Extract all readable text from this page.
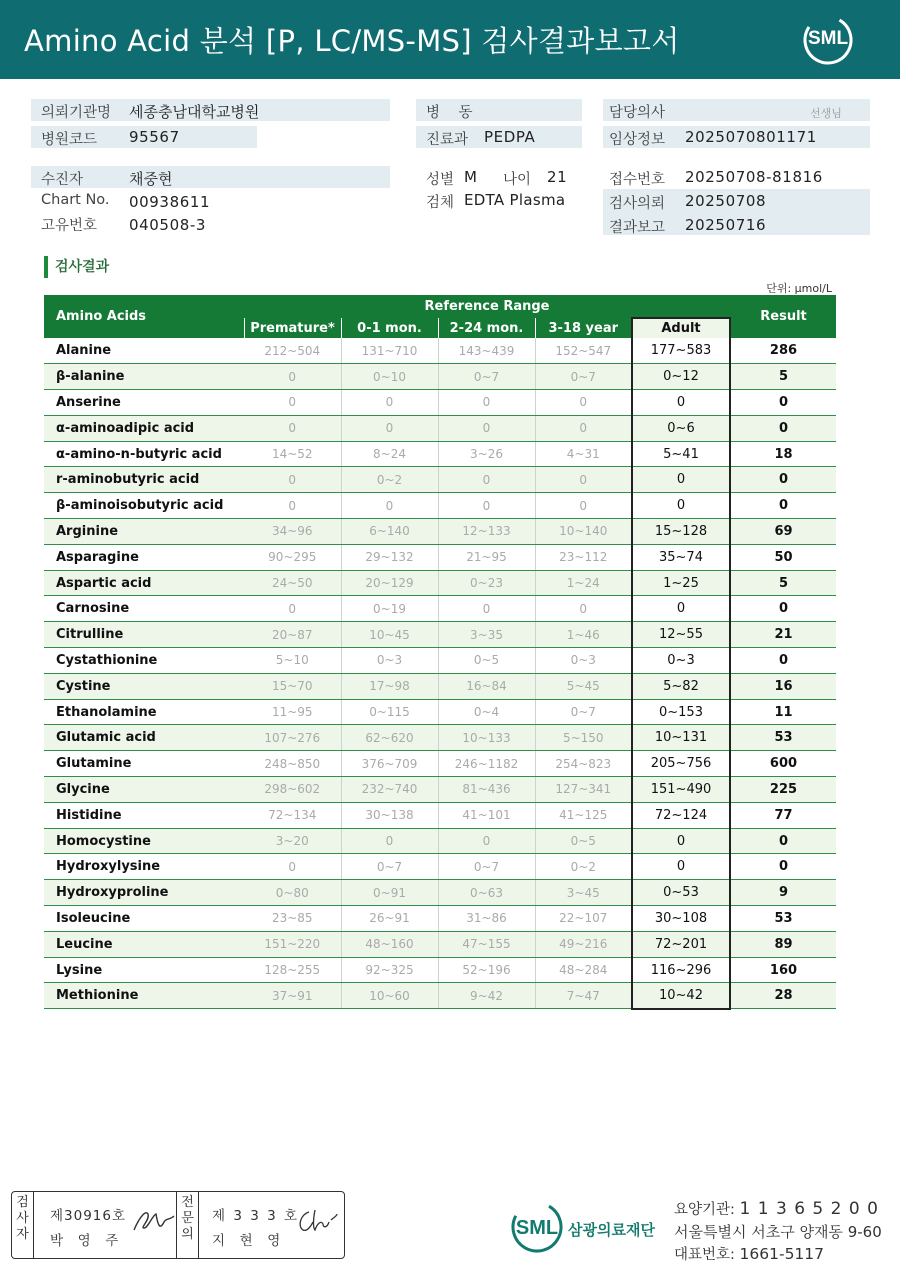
Amino Acid 분석 [P, LC/MS-MS] 검사결과보고서	SML
의뢰기관명 세종충남대학교병원
병원코드 95567
병    동
진료과 PEDPA
담당의사	선생님
임상정보 2025070801171
수진자	채중현
Chart No. 00938611
고유번호 040508-3
성별 M 나이 21
검체 EDTA Plasma
접수번호 20250708-81816
검사의뢰 20250708
결과보고 20250716
검사결과
단위: μmol/L
Amino Acids	Reference Range					Result
	Premature*	0-1 mon.	2-24 mon.	3-18 year	Adult	
Alanine	212~504	131~710	143~439	152~547	177~583	286
β-alanine	0	0~10	0~7	0~7	0~12	5
Anserine	0	0	0	0	0	0
α-aminoadipic acid	0	0	0	0	0~6	0
α-amino-n-butyric acid	14~52	8~24	3~26	4~31	5~41	18
r-aminobutyric acid	0	0~2	0	0	0	0
β-aminoisobutyric acid	0	0	0	0	0	0
Arginine	34~96	6~140	12~133	10~140	15~128	69
Asparagine	90~295	29~132	21~95	23~112	35~74	50
Aspartic acid	24~50	20~129	0~23	1~24	1~25	5
Carnosine	0	0~19	0	0	0	0
Citrulline	20~87	10~45	3~35	1~46	12~55	21
Cystathionine	5~10	0~3	0~5	0~3	0~3	0
Cystine	15~70	17~98	16~84	5~45	5~82	16
Ethanolamine	11~95	0~115	0~4	0~7	0~153	11
Glutamic acid	107~276	62~620	10~133	5~150	10~131	53
Glutamine	248~850	376~709	246~1182	254~823	205~756	600
Glycine	298~602	232~740	81~436	127~341	151~490	225
Histidine	72~134	30~138	41~101	41~125	72~124	77
Homocystine	3~20	0	0	0~5	0	0
Hydroxylysine	0	0~7	0~7	0~2	0	0
Hydroxyproline	0~80	0~91	0~63	3~45	0~53	9
Isoleucine	23~85	26~91	31~86	22~107	30~108	53
Leucine	151~220	48~160	47~155	49~216	72~201	89
Lysine	128~255	92~325	52~196	48~284	116~296	160
Methionine	37~91	10~60	9~42	7~47	10~42	28
검사자
제30916호
박  영  주
전문의
제 3 3 3 호
지  현  영
SML 삼광의료재단
요양기관: 1 1 3 6 5 2 0 0
서울특별시 서초구 양재동 9-60
대표번호: 1661-5117
